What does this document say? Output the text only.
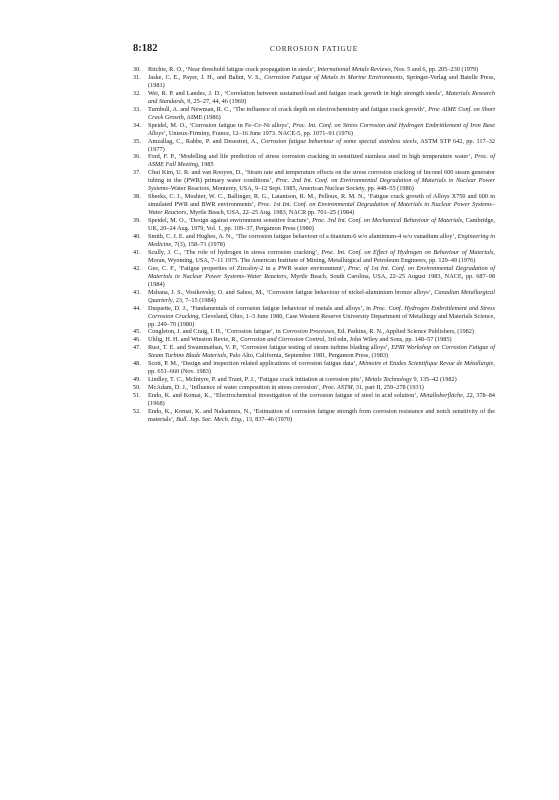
8:182	CORROSION FATIGUE
30. Ritchie, R. O., ‘Near threshold fatigue crack propagation in steels’, International Metals Reviews, Nos. 5 and 6, pp. 205–230 (1979)
31. Jaske, C. E., Payer, J. H., and Balint, V. S., Corrosion Fatigue of Metals in Marine Environments, Springer-Verlag and Batelle Press, (1981)
32. Wei, R. P. and Landes, J. D., ‘Correlation between sustained-load and fatigue crack growth in high strength steels’, Materials Research and Standards, 9, 25–27, 44, 46 (1969)
33. Turnbull, A. and Newman, R. C., ‘The influence of crack depth on electrochemistry and fatigue crack growth’, Proc AIME Conf. on Short Crack Growth, AIME (1986)
34. Speidel, M. O., ‘Corrosion fatigue in Fe–Cr–Ni alloys’, Proc. Int. Conf. on Stress Corrosion and Hydrogen Embrittlement of Iron Base Alloys’, Unieux-Firminy, France, 12–16 June 1973. NACE-5, pp. 1071–91 (1976)
35. Amzallag, C., Rabbe, P. and Desestret, A., Corrosion fatigue behaviour of some special stainless steels, ASTM STP 642, pp. 117–32 (1977)
36. Ford, F. P., ‘Modelling and life prediction of stress corrosion cracking in sensitized stainless steel in high temperature water’, Proc. of ASME Fall Meeting, 1985
37. Chui Kim, U. R. and van Rooyen, D., ‘Strain rate and temperature effects on the stress corrosion cracking of Inconel 600 steam generator tubing in the (PWR) primary water conditions’, Proc. 2nd Int. Conf. on Environmental Degradation of Materials in Nuclear Power Systems–Water Reactors, Monterey, USA, 9–12 Sept. 1985, American Nuclear Society, pp. 448–55 (1986)
38. Sheeks, C. J., Moshier, W. C., Ballinger, R. G., Latanison, R. M., Pelloux, R. M. N., ‘Fatigue crack growth of Alloys X750 and 600 in simulated PWR and BWR environments’, Proc. 1st Int. Conf. on Environmental Degradation of Materials in Nuclear Power Systems–Water Reactors, Myrtle Beach, USA, 22–25 Aug. 1983, NACR pp. 701–25 (1984)
39. Speidel, M. O., ‘Design against environment sensitive fracture’, Proc. 3rd Int. Conf. on Mechanical Behaviour of Materials, Cambridge, UK, 20–24 Aug. 1979, Vol. 1, pp. 109–37, Pergamon Press (1980)
40. Smith, C. J. E. and Hughes, A. N., ‘The corrosion fatigue behaviour of a titanium-6 w/o aluminium-4 w/o vanadium alloy’, Engineering in Medicine, 7(3), 158–71 (1978)
41. Scully, J. C., ‘The role of hydrogen in stress corrosion cracking’, Proc. Int. Conf. on Effect of Hydrogen on Behaviour of Materials, Moran, Wyoming, USA, 7–11 1975. The American Institute of Mining, Metallurgical and Petroleum Engineers, pp. 129–49 (1976)
42. Gee, C. F., ‘Fatigue properties of Zircaloy-2 in a PWR water environment’, Proc. of 1st Int. Conf. on Environmental Degradation of Materials in Nuclear Power Systems–Water Reactors, Myrtle Beach, South Carolina, USA, 22–25 August 1983, NACE, pp. 687–98 (1984)
43. Mshana, J. S., Vosikovsky, O. and Sahoo, M., ‘Corrosion fatigue behaviour of nickel-aluminium bronze alloys’, Canadian Metallurgical Quarterly, 23, 7–15 (1984)
44. Duquette, D. J., ‘Fundamentals of corrosion fatigue behaviour of metals and alloys’, in Proc. Conf. Hydrogen Embrittlement and Stress Corrosion Cracking, Cleveland, Ohio, 1–3 June 1980, Case Western Reserve University Department of Metallurgy and Materials Science, pp. 249–70 (1980)
45. Congleton, J. and Craig, I. H., ‘Corrosion fatigue’, in Corrosion Processes, Ed. Parkins, R. N., Applied Science Publishers, (1982)
46. Uhlig, H. H. and Winston Revie, R., Corrosion and Corrosion Control, 3rd edn, John Wiley and Sons, pp. 148–57 (1985)
47. Rust, T. E. and Swaminathan, V. P., ‘Corrosion fatigue testing of steam turbine blading alloys’, EPRI Workshop on Corrosion Fatigue of Steam Turbine Blade Materials, Palo Alto, California, September 1981, Pergamon Press, (1983)
48. Scott, P. M., ‘Design and inspection related applications of corrosion fatigue data’, Mémoire et Etudes Scientifique Revue de Métallurgie, pp. 651–660 (Nov. 1983)
49. Lindley, T. C., McIntyre, P. and Trant, P. J., ‘Fatigue crack initiation at corrosion pits’, Metals Technology 9, 135–42 (1982)
50. McAdam, D. J., ‘Influence of water composition in stress corrosion’, Proc. ASTM, 31, part II, 259–278 (1931)
51. Endo, K. and Komai, K., ‘Electrochemical investigation of the corrosion fatigue of steel in acid solution’, Metalloberfläche, 22, 378–84 (1968)
52. Endo, K., Komai, K. and Nakamura, N., ‘Estimation of corrosion fatigue strength from corrosion resistance and notch sensitivity of the materials’, Bull. Jap. Soc. Mech. Eng., 13, 837–46 (1970)
